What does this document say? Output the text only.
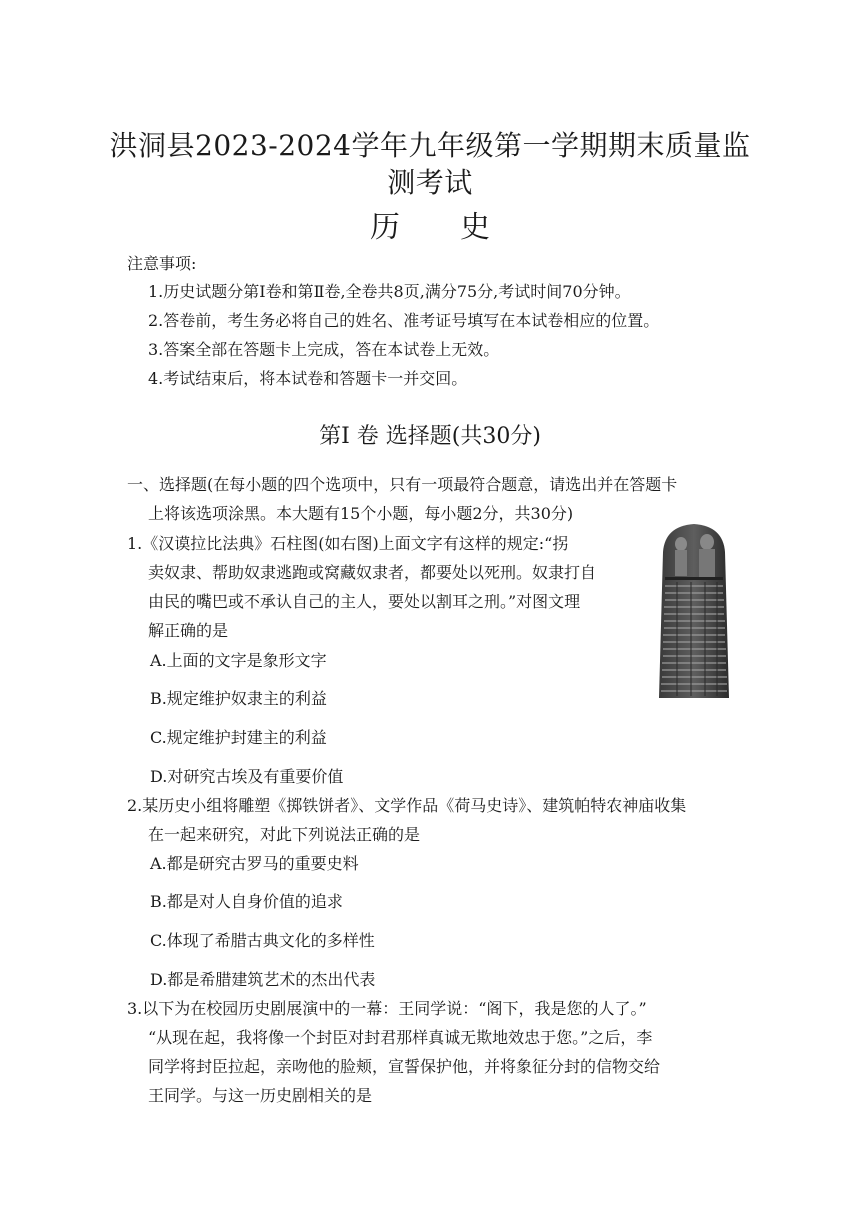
洪洞县2023-2024学年九年级第一学期期末质量监
测考试
历　　史
注意事项:
1.历史试题分第Ⅰ卷和第Ⅱ卷,全卷共8页,满分75分,考试时间70分钟。
2.答卷前，考生务必将自己的姓名、准考证号填写在本试卷相应的位置。
3.答案全部在答题卡上完成，答在本试卷上无效。
4.考试结束后，将本试卷和答题卡一并交回。
第Ⅰ 卷 选择题(共30分)
一、选择题(在每小题的四个选项中，只有一项最符合题意，请选出并在答题卡
上将该选项涂黑。本大题有15个小题，每小题2分，共30分)
1.《汉谟拉比法典》石柱图(如右图)上面文字有这样的规定:“拐
卖奴隶、帮助奴隶逃跑或窝藏奴隶者，都要处以死刑。奴隶打自
由民的嘴巴或不承认自己的主人，要处以割耳之刑。”对图文理
解正确的是
A.上面的文字是象形文字
B.规定维护奴隶主的利益
C.规定维护封建主的利益
D.对研究古埃及有重要价值
2.某历史小组将雕塑《掷铁饼者》、文学作品《荷马史诗》、建筑帕特农神庙收集
在一起来研究，对此下列说法正确的是
A.都是研究古罗马的重要史料
B.都是对人自身价值的追求
C.体现了希腊古典文化的多样性
D.都是希腊建筑艺术的杰出代表
3.以下为在校园历史剧展演中的一幕：王同学说：“阁下，我是您的人了。”
“从现在起，我将像一个封臣对封君那样真诚无欺地效忠于您。”之后，李
同学将封臣拉起，亲吻他的脸颊，宣誓保护他，并将象征分封的信物交给
王同学。与这一历史剧相关的是
